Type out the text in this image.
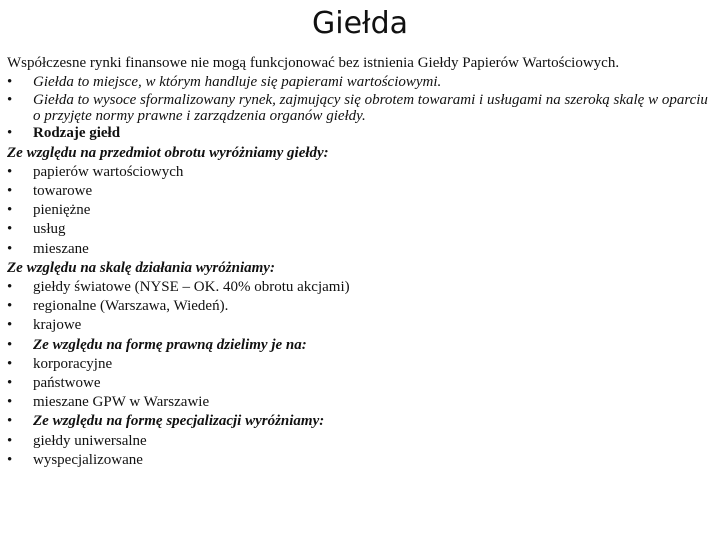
Giełda
Współczesne rynki finansowe nie mogą funkcjonować bez istnienia Giełdy Papierów Wartościowych.
•	Giełda to miejsce, w którym handluje się papierami wartościowymi.
•	Giełda to wysoce sformalizowany rynek, zajmujący się obrotem towarami i usługami na szeroką skalę w oparciu o przyjęte normy prawne i zarządzenia organów giełdy.
•	Rodzaje giełd
Ze względu na przedmiot obrotu wyróżniamy giełdy:
•	papierów wartościowych
•	towarowe
•	pieniężne
•	usług
•	mieszane
Ze względu na skalę działania wyróżniamy:
•	giełdy światowe (NYSE – OK. 40% obrotu akcjami)
•	regionalne (Warszawa, Wiedeń).
•	krajowe
•	Ze względu na formę prawną dzielimy je na:
•	korporacyjne
•	państwowe
•	mieszane GPW w Warszawie
•	Ze względu na formę specjalizacji wyróżniamy:
•	giełdy uniwersalne
•	wyspecjalizowane
